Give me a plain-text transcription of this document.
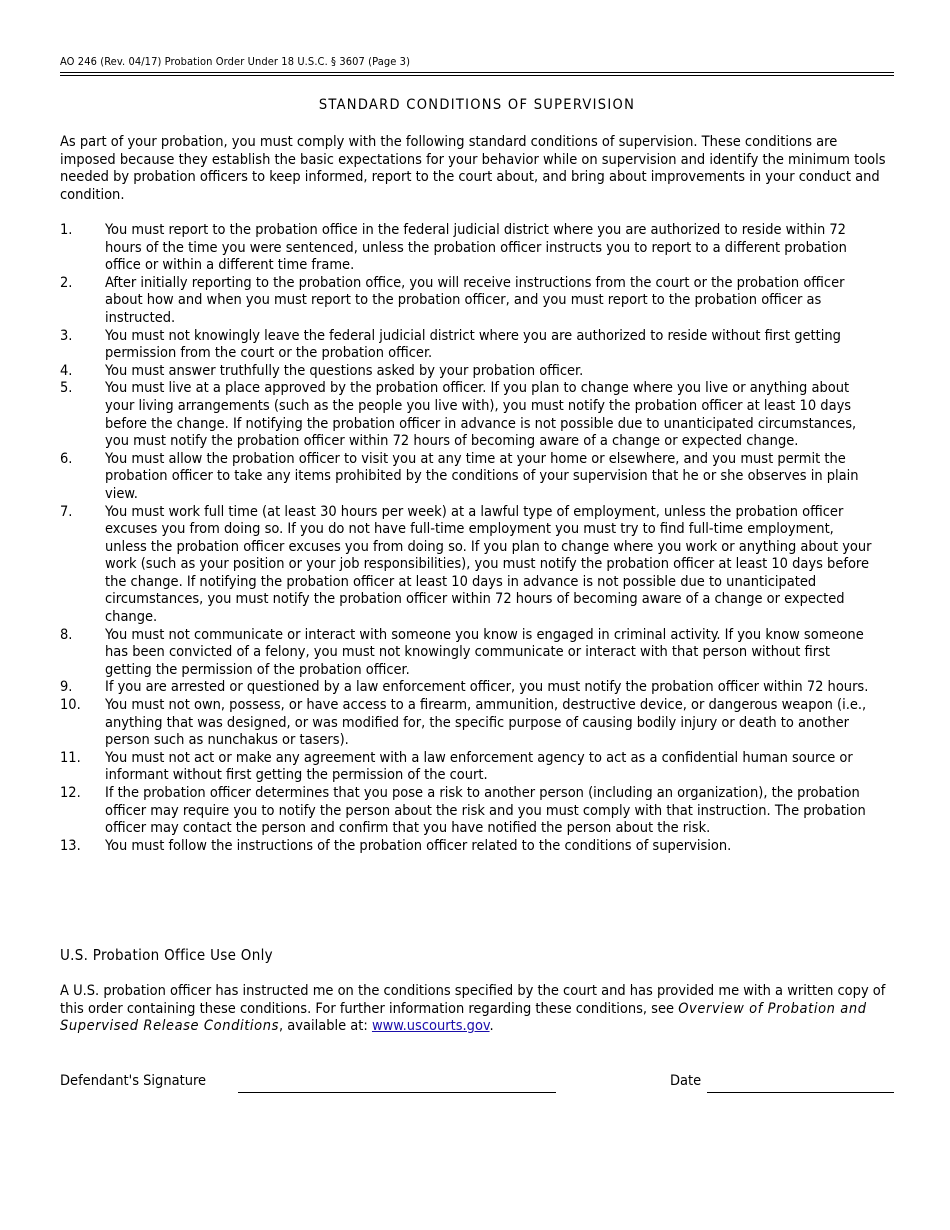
AO 246 (Rev. 04/17) Probation Order Under 18 U.S.C. § 3607 (Page 3)
STANDARD CONDITIONS OF SUPERVISION
As part of your probation, you must comply with the following standard conditions of supervision. These conditions are imposed because they establish the basic expectations for your behavior while on supervision and identify the minimum tools needed by probation officers to keep informed, report to the court about, and bring about improvements in your conduct and condition.
1.	You must report to the probation office in the federal judicial district where you are authorized to reside within 72 hours of the time you were sentenced, unless the probation officer instructs you to report to a different probation office or within a different time frame.
2.	After initially reporting to the probation office, you will receive instructions from the court or the probation officer about how and when you must report to the probation officer, and you must report to the probation officer as instructed.
3.	You must not knowingly leave the federal judicial district where you are authorized to reside without first getting permission from the court or the probation officer.
4.	You must answer truthfully the questions asked by your probation officer.
5.	You must live at a place approved by the probation officer. If you plan to change where you live or anything about your living arrangements (such as the people you live with), you must notify the probation officer at least 10 days before the change. If notifying the probation officer in advance is not possible due to unanticipated circumstances, you must notify the probation officer within 72 hours of becoming aware of a change or expected change.
6.	You must allow the probation officer to visit you at any time at your home or elsewhere, and you must permit the probation officer to take any items prohibited by the conditions of your supervision that he or she observes in plain view.
7.	You must work full time (at least 30 hours per week) at a lawful type of employment, unless the probation officer excuses you from doing so. If you do not have full-time employment you must try to find full-time employment, unless the probation officer excuses you from doing so. If you plan to change where you work or anything about your work (such as your position or your job responsibilities), you must notify the probation officer at least 10 days before the change. If notifying the probation officer at least 10 days in advance is not possible due to unanticipated circumstances, you must notify the probation officer within 72 hours of becoming aware of a change or expected change.
8.	You must not communicate or interact with someone you know is engaged in criminal activity. If you know someone has been convicted of a felony, you must not knowingly communicate or interact with that person without first getting the permission of the probation officer.
9.	If you are arrested or questioned by a law enforcement officer, you must notify the probation officer within 72 hours.
10.	You must not own, possess, or have access to a firearm, ammunition, destructive device, or dangerous weapon (i.e., anything that was designed, or was modified for, the specific purpose of causing bodily injury or death to another person such as nunchakus or tasers).
11.	You must not act or make any agreement with a law enforcement agency to act as a confidential human source or informant without first getting the permission of the court.
12.	If the probation officer determines that you pose a risk to another person (including an organization), the probation officer may require you to notify the person about the risk and you must comply with that instruction. The probation officer may contact the person and confirm that you have notified the person about the risk.
13.	You must follow the instructions of the probation officer related to the conditions of supervision.
U.S. Probation Office Use Only
A U.S. probation officer has instructed me on the conditions specified by the court and has provided me with a written copy of this order containing these conditions. For further information regarding these conditions, see Overview of Probation and Supervised Release Conditions, available at: www.uscourts.gov.
Defendant's Signature	Date
